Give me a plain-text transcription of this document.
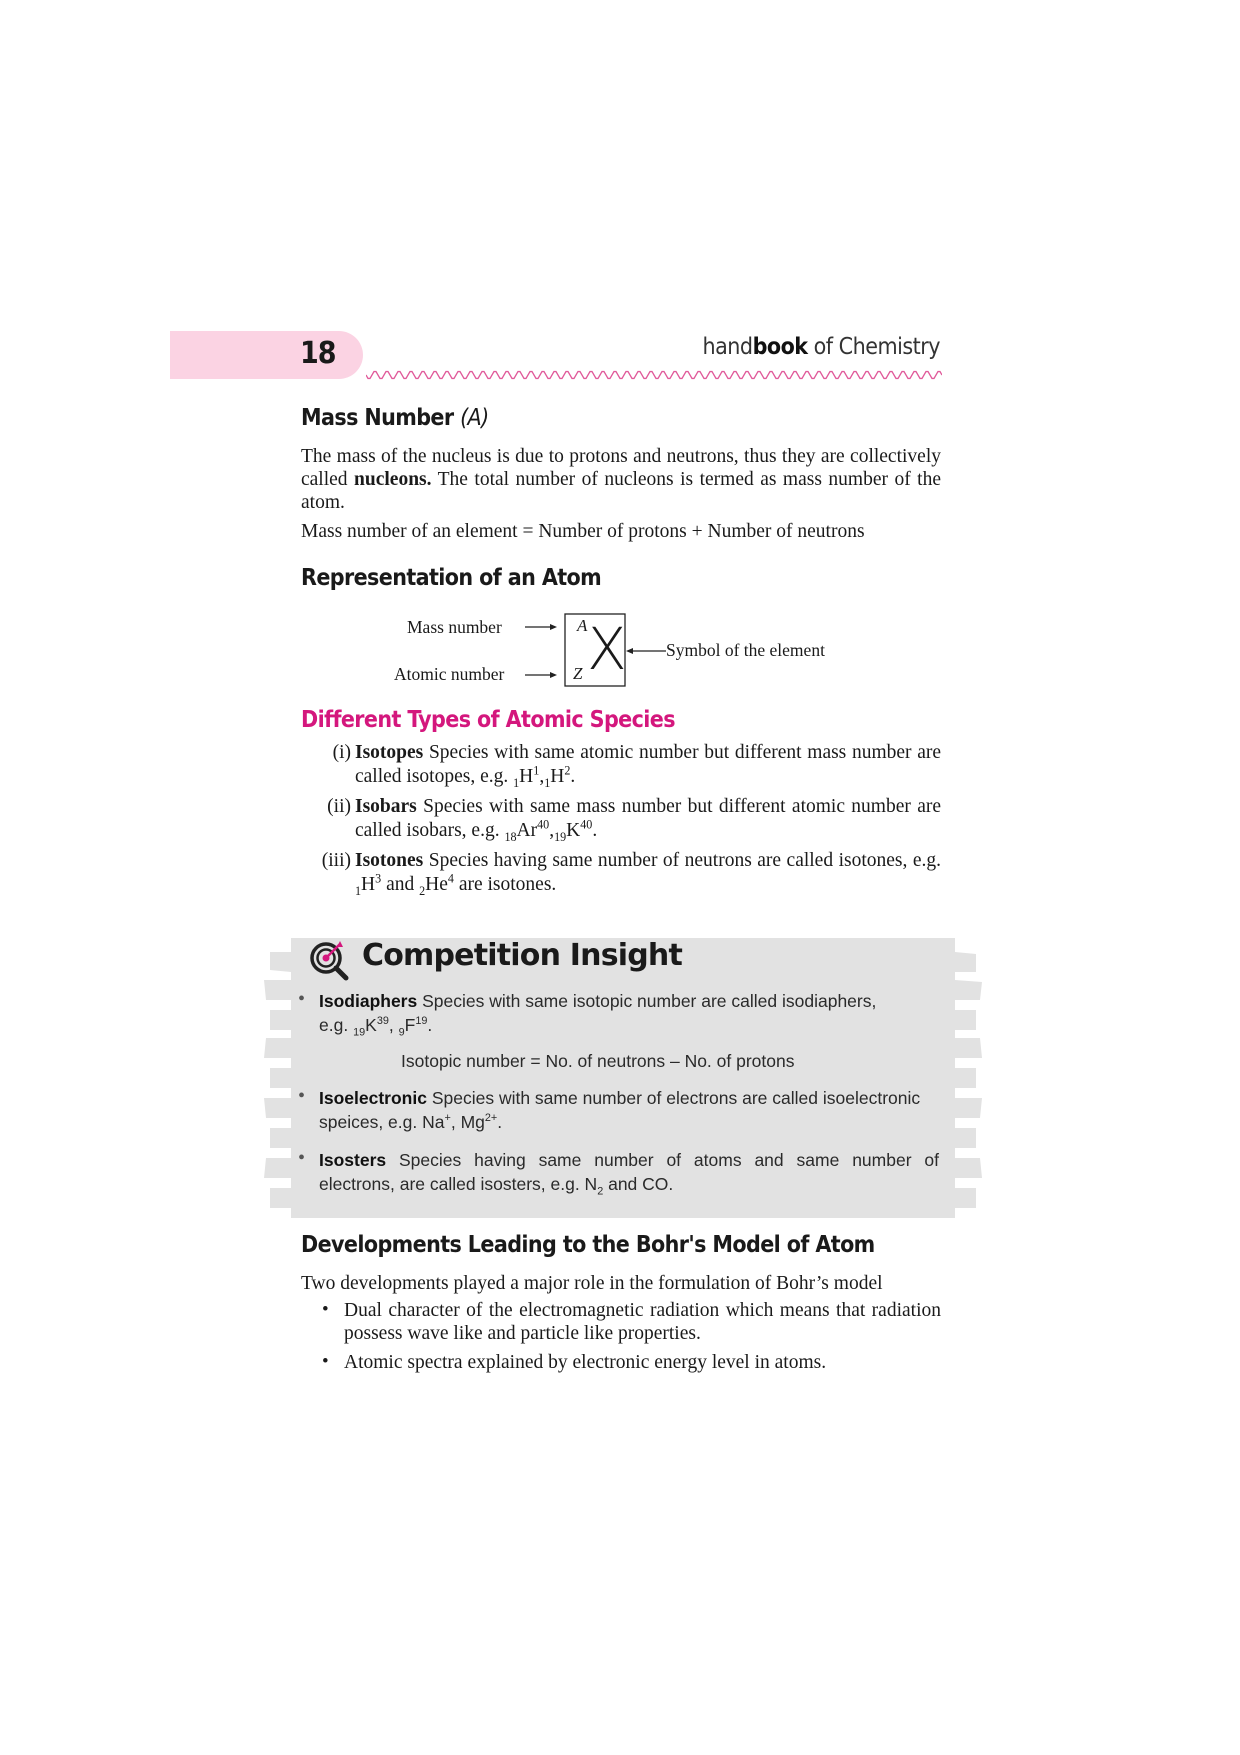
18	handbook of Chemistry
Mass Number (A)

The mass of the nucleus is due to protons and neutrons, thus they are collectively called nucleons. The total number of nucleons is termed as mass number of the atom.

Mass number of an element = Number of protons + Number of neutrons

Representation of an Atom
Mass number
Atomic number
Symbol of the element
A X
Z
Different Types of Atomic Species
(i) Isotopes Species with same atomic number but different mass number are called isotopes, e.g. $_1H^1,_1H^2$.
(ii) Isobars Species with same mass number but different atomic number are called isobars, e.g. $_{18}Ar^{40},_{19}K^{40}$.
(iii) Isotones Species having same number of neutrons are called isotones, e.g. $_1H^3$ and $_2He^4$ are isotones.
Competition Insight
• Isodiaphers Species with same isotopic number are called isodiaphers,
e.g. $_{19}K^{39}$, $_9F^{19}$.
Isotopic number = No. of neutrons – No. of protons
• Isoelectronic Species with same number of electrons are called isoelectronic
speices, e.g. Na+, $Mg^{2+}$.
• Isosters Species having same number of atoms and same number of
electrons, are called isosters, e.g. $N_2$ and CO.
Developments Leading to the Bohr's Model of Atom

Two developments played a major role in the formulation of Bohr’s model

• Dual character of the electromagnetic radiation which means that radiation possess wave like and particle like properties.

• Atomic spectra explained by electronic energy level in atoms.
